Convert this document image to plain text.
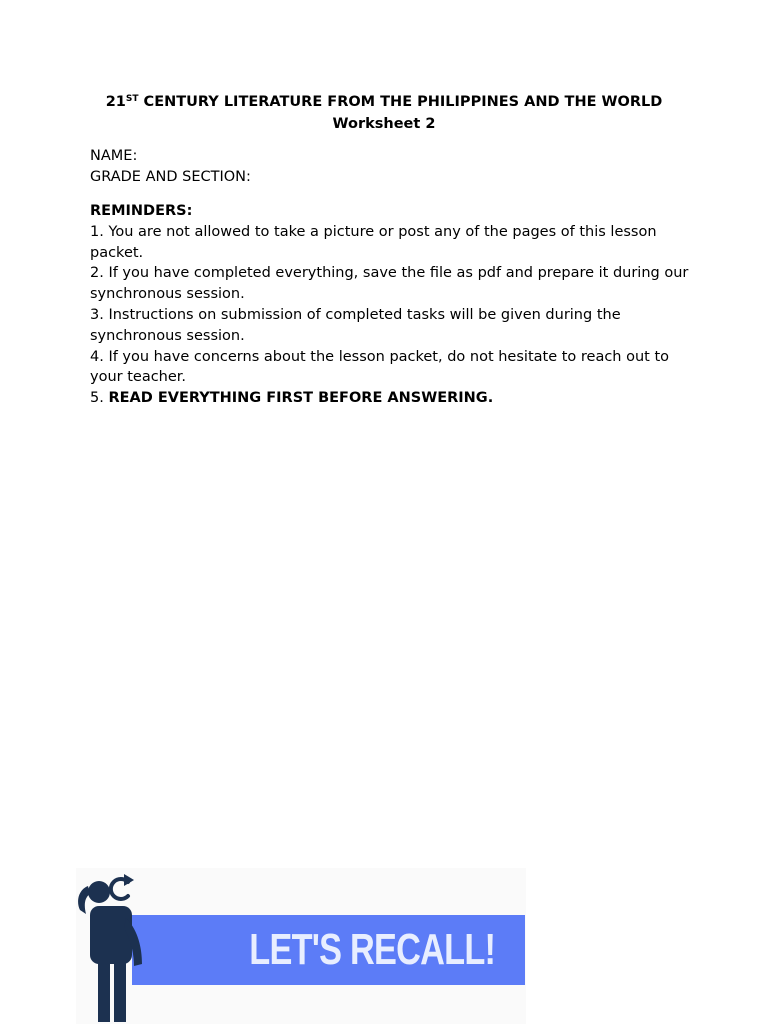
21ST CENTURY LITERATURE FROM THE PHILIPPINES AND THE WORLD
Worksheet 2
NAME:
GRADE AND SECTION:
REMINDERS:
1. You are not allowed to take a picture or post any of the pages of this lesson packet.
2. If you have completed everything, save the file as pdf and prepare it during our synchronous session.
3. Instructions on submission of completed tasks will be given during the synchronous session.
4. If you have concerns about the lesson packet, do not hesitate to reach out to your teacher.
5. READ EVERYTHING FIRST BEFORE ANSWERING.
LET'S RECALL!
